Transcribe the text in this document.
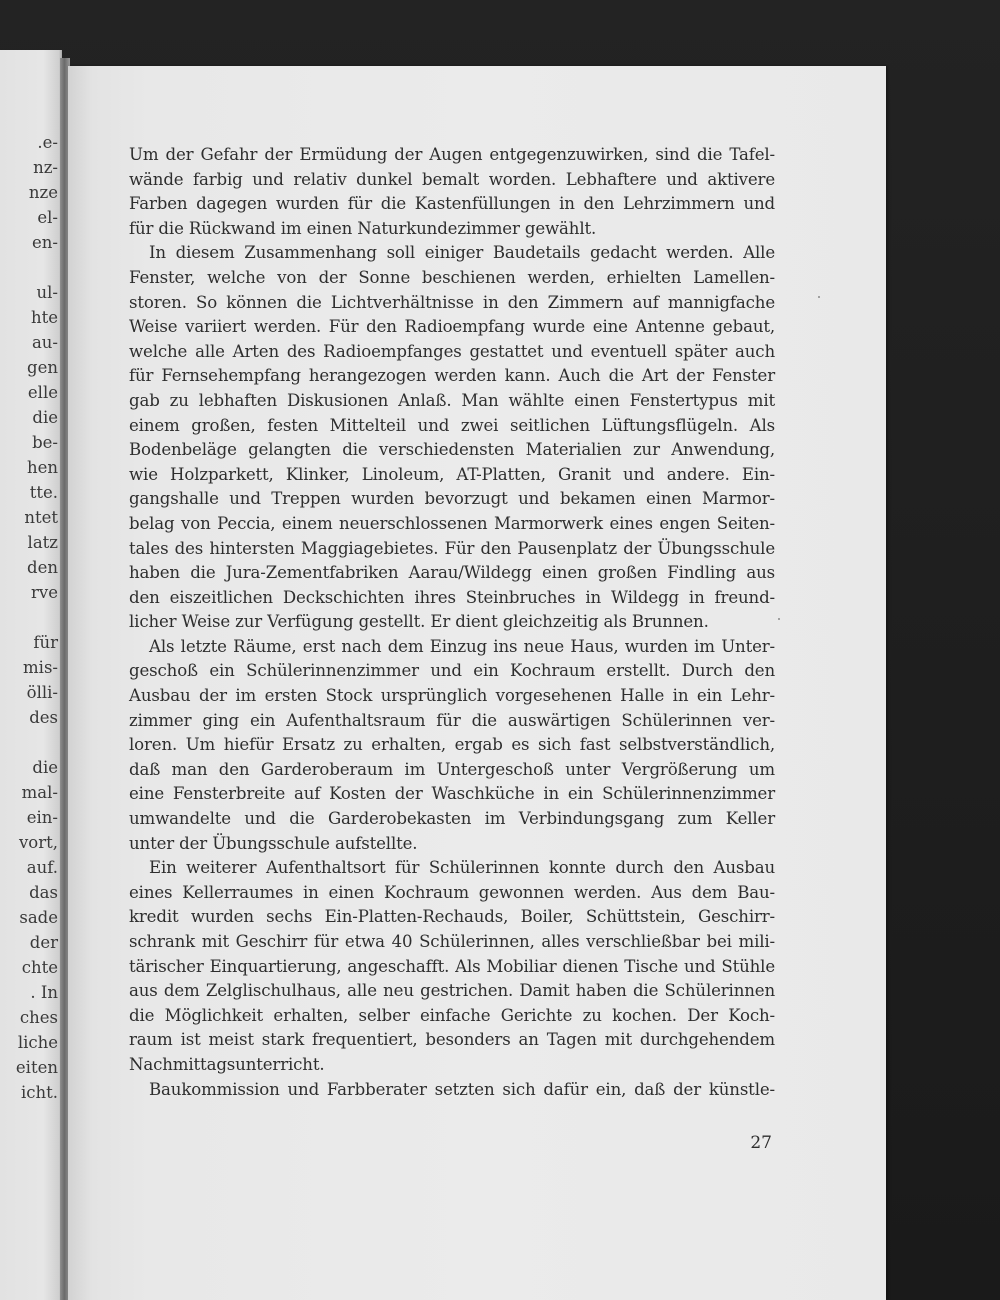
.e-

nz-

nze

el-

en-

ul-

hte

au-

gen

elle

die

be-

hen

tte.

ntet

latz

den

rve

für

mis-

ölli-

des

die

mal-

ein-

vort,

auf.

das

sade

der

chte

. In

ches

liche

eiten

icht.

Um der Gefahr der Ermüdung der Augen entgegenzuwirken, sind die Tafel-
wände farbig und relativ dunkel bemalt worden. Lebhaftere und aktivere
Farben dagegen wurden für die Kastenfüllungen in den Lehrzimmern und
für die Rückwand im einen Naturkundezimmer gewählt.
In diesem Zusammenhang soll einiger Baudetails gedacht werden. Alle
Fenster, welche von der Sonne beschienen werden, erhielten Lamellen-
storen. So können die Lichtverhältnisse in den Zimmern auf mannigfache
Weise variiert werden. Für den Radioempfang wurde eine Antenne gebaut,
welche alle Arten des Radioempfanges gestattet und eventuell später auch
für Fernsehempfang herangezogen werden kann. Auch die Art der Fenster
gab zu lebhaften Diskusionen Anlaß. Man wählte einen Fenstertypus mit
einem großen, festen Mittelteil und zwei seitlichen Lüftungsflügeln. Als
Bodenbeläge gelangten die verschiedensten Materialien zur Anwendung,
wie Holzparkett, Klinker, Linoleum, AT-Platten, Granit und andere. Ein-
gangshalle und Treppen wurden bevorzugt und bekamen einen Marmor-
belag von Peccia, einem neuerschlossenen Marmorwerk eines engen Seiten-
tales des hintersten Maggiagebietes. Für den Pausenplatz der Übungsschule
haben die Jura-Zementfabriken Aarau/Wildegg einen großen Findling aus
den eiszeitlichen Deckschichten ihres Steinbruches in Wildegg in freund-
licher Weise zur Verfügung gestellt. Er dient gleichzeitig als Brunnen.
Als letzte Räume, erst nach dem Einzug ins neue Haus, wurden im Unter-
geschoß ein Schülerinnenzimmer und ein Kochraum erstellt. Durch den
Ausbau der im ersten Stock ursprünglich vorgesehenen Halle in ein Lehr-
zimmer ging ein Aufenthaltsraum für die auswärtigen Schülerinnen ver-
loren. Um hiefür Ersatz zu erhalten, ergab es sich fast selbstverständlich,
daß man den Garderoberaum im Untergeschoß unter Vergrößerung um
eine Fensterbreite auf Kosten der Waschküche in ein Schülerinnenzimmer
umwandelte und die Garderobekasten im Verbindungsgang zum Keller
unter der Übungsschule aufstellte.
Ein weiterer Aufenthaltsort für Schülerinnen konnte durch den Ausbau
eines Kellerraumes in einen Kochraum gewonnen werden. Aus dem Bau-
kredit wurden sechs Ein-Platten-Rechauds, Boiler, Schüttstein, Geschirr-
schrank mit Geschirr für etwa 40 Schülerinnen, alles verschließbar bei mili-
tärischer Einquartierung, angeschafft. Als Mobiliar dienen Tische und Stühle
aus dem Zelglischulhaus, alle neu gestrichen. Damit haben die Schülerinnen
die Möglichkeit erhalten, selber einfache Gerichte zu kochen. Der Koch-
raum ist meist stark frequentiert, besonders an Tagen mit durchgehendem
Nachmittagsunterricht.
Baukommission und Farbberater setzten sich dafür ein, daß der künstle-

27
